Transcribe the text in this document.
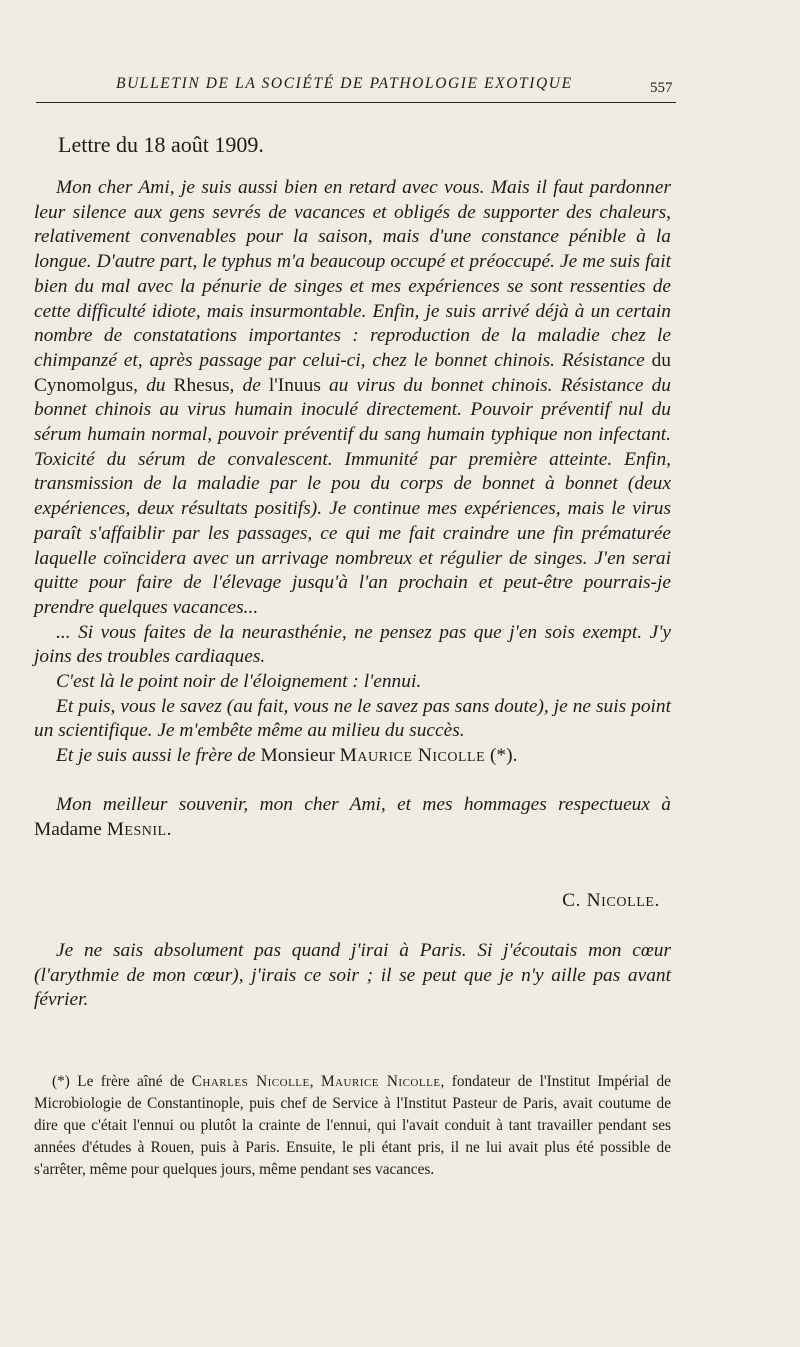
BULLETIN DE LA SOCIÉTÉ DE PATHOLOGIE EXOTIQUE	557
Lettre du 18 août 1909.

Mon cher Ami, je suis aussi bien en retard avec vous. Mais il faut pardonner leur silence aux gens sevrés de vacances et obligés de supporter des chaleurs, relativement convenables pour la saison, mais d'une constance pénible à la longue. D'autre part, le typhus m'a beaucoup occupé et préoccupé. Je me suis fait bien du mal avec la pénurie de singes et mes expériences se sont ressenties de cette difficulté idiote, mais insurmontable. Enfin, je suis arrivé déjà à un certain nombre de constatations importantes : reproduction de la maladie chez le chimpanzé et, après passage par celui-ci, chez le bonnet chinois. Résistance du Cynomolgus, du Rhesus, de l'Inuus au virus du bonnet chinois. Résistance du bonnet chinois au virus humain inoculé directement. Pouvoir préventif nul du sérum humain normal, pouvoir préventif du sang humain typhique non infectant. Toxicité du sérum de convalescent. Immunité par première atteinte. Enfin, transmission de la maladie par le pou du corps de bonnet à bonnet (deux expériences, deux résultats positifs). Je continue mes expériences, mais le virus paraît s'affaiblir par les passages, ce qui me fait craindre une fin prématurée laquelle coïncidera avec un arrivage nombreux et régulier de singes. J'en serai quitte pour faire de l'élevage jusqu'à l'an prochain et peut-être pourrais-je prendre quelques vacances...

... Si vous faites de la neurasthénie, ne pensez pas que j'en sois exempt. J'y joins des troubles cardiaques.

C'est là le point noir de l'éloignement : l'ennui.

Et puis, vous le savez (au fait, vous ne le savez pas sans doute), je ne suis point un scientifique. Je m'embête même au milieu du succès.

Et je suis aussi le frère de Monsieur Maurice Nicolle (*).

Mon meilleur souvenir, mon cher Ami, et mes hommages respectueux à Madame Mesnil.

C. Nicolle.

Je ne sais absolument pas quand j'irai à Paris. Si j'écoutais mon cœur (l'arythmie de mon cœur), j'irais ce soir ; il se peut que je n'y aille pas avant février.

(*) Le frère aîné de Charles Nicolle, Maurice Nicolle, fondateur de l'Institut Impérial de Microbiologie de Constantinople, puis chef de Service à l'Institut Pasteur de Paris, avait coutume de dire que c'était l'ennui ou plutôt la crainte de l'ennui, qui l'avait conduit à tant travailler pendant ses années d'études à Rouen, puis à Paris. Ensuite, le pli étant pris, il ne lui avait plus été possible de s'arrêter, même pour quelques jours, même pendant ses vacances.
